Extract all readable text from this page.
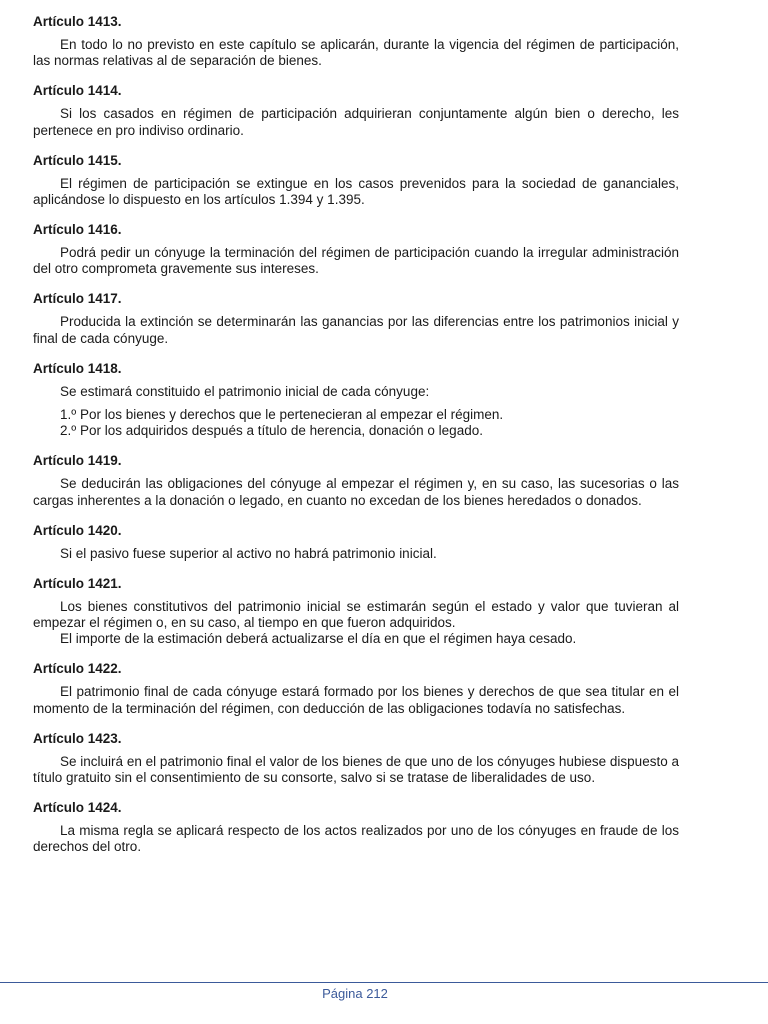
Artículo 1413.

En todo lo no previsto en este capítulo se aplicarán, durante la vigencia del régimen de participación, las normas relativas al de separación de bienes.

Artículo 1414.

Si los casados en régimen de participación adquirieran conjuntamente algún bien o derecho, les pertenece en pro indiviso ordinario.

Artículo 1415.

El régimen de participación se extingue en los casos prevenidos para la sociedad de gananciales, aplicándose lo dispuesto en los artículos 1.394 y 1.395.

Artículo 1416.

Podrá pedir un cónyuge la terminación del régimen de participación cuando la irregular administración del otro comprometa gravemente sus intereses.

Artículo 1417.

Producida la extinción se determinarán las ganancias por las diferencias entre los patrimonios inicial y final de cada cónyuge.

Artículo 1418.

Se estimará constituido el patrimonio inicial de cada cónyuge:

1.º Por los bienes y derechos que le pertenecieran al empezar el régimen.

2.º Por los adquiridos después a título de herencia, donación o legado.

Artículo 1419.

Se deducirán las obligaciones del cónyuge al empezar el régimen y, en su caso, las sucesorias o las cargas inherentes a la donación o legado, en cuanto no excedan de los bienes heredados o donados.

Artículo 1420.

Si el pasivo fuese superior al activo no habrá patrimonio inicial.

Artículo 1421.

Los bienes constitutivos del patrimonio inicial se estimarán según el estado y valor que tuvieran al empezar el régimen o, en su caso, al tiempo en que fueron adquiridos.

El importe de la estimación deberá actualizarse el día en que el régimen haya cesado.

Artículo 1422.

El patrimonio final de cada cónyuge estará formado por los bienes y derechos de que sea titular en el momento de la terminación del régimen, con deducción de las obligaciones todavía no satisfechas.

Artículo 1423.

Se incluirá en el patrimonio final el valor de los bienes de que uno de los cónyuges hubiese dispuesto a título gratuito sin el consentimiento de su consorte, salvo si se tratase de liberalidades de uso.

Artículo 1424.

La misma regla se aplicará respecto de los actos realizados por uno de los cónyuges en fraude de los derechos del otro.

Página 212
